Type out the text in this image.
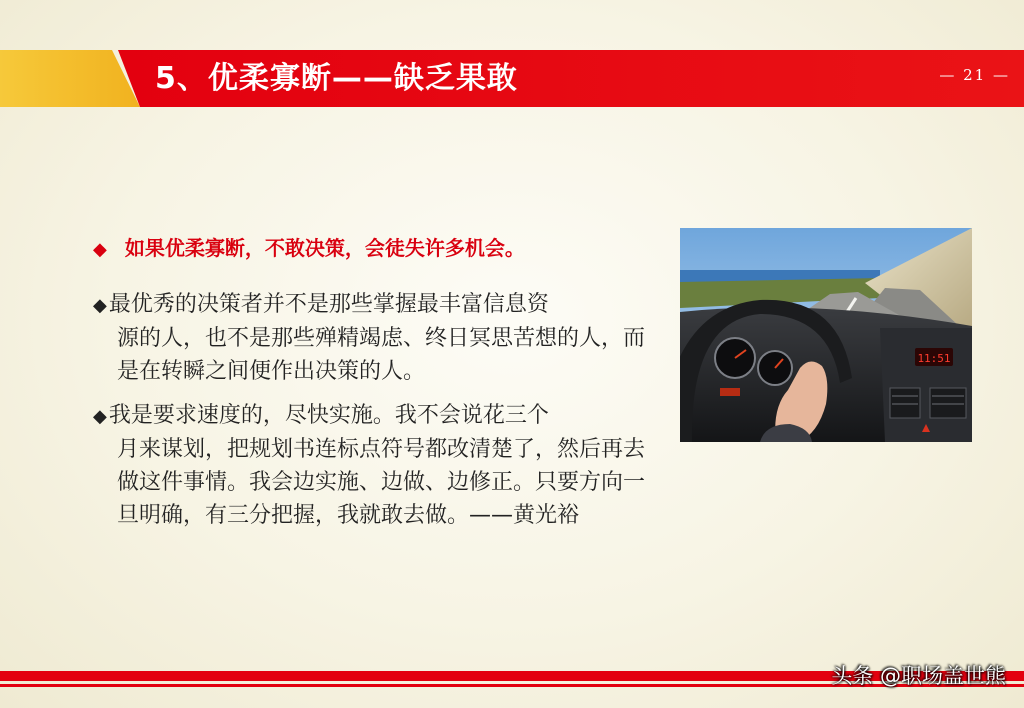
5、优柔寡断——缺乏果敢	— 21 —
◆ 如果优柔寡断，不敢决策，会徒失许多机会。
◆最优秀的决策者并不是那些掌握最丰富信息资
源的人，也不是那些殚精竭虑、终日冥思苦想的人，而是在转瞬之间便作出决策的人。
◆我是要求速度的，尽快实施。我不会说花三个
月来谋划，把规划书连标点符号都改清楚了，然后再去做这件事情。我会边实施、边做、边修正。只要方向一旦明确，有三分把握，我就敢去做。——黄光裕
11:51
头条 @职场盖世熊
